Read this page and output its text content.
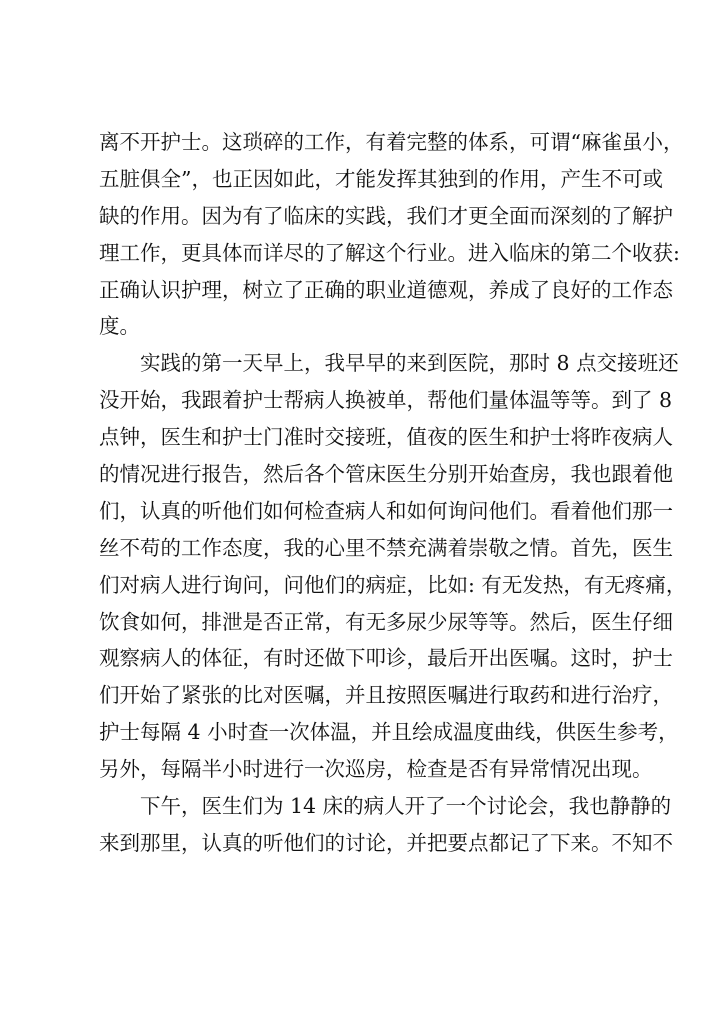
离不开护士。这琐碎的工作，有着完整的体系，可谓“麻雀虽小，
五脏俱全”，也正因如此，才能发挥其独到的作用，产生不可或
缺的作用。因为有了临床的实践，我们才更全面而深刻的了解护
理工作，更具体而详尽的了解这个行业。进入临床的第二个收获:
正确认识护理，树立了正确的职业道德观，养成了良好的工作态
度。
　　实践的第一天早上，我早早的来到医院，那时 8 点交接班还
没开始，我跟着护士帮病人换被单，帮他们量体温等等。到了 8
点钟，医生和护士门准时交接班，值夜的医生和护士将昨夜病人
的情况进行报告，然后各个管床医生分别开始查房，我也跟着他
们，认真的听他们如何检查病人和如何询问他们。看着他们那一
丝不苟的工作态度，我的心里不禁充满着崇敬之情。首先，医生
们对病人进行询问，问他们的病症，比如: 有无发热，有无疼痛，
饮食如何，排泄是否正常，有无多尿少尿等等。然后，医生仔细
观察病人的体征，有时还做下叩诊，最后开出医嘱。这时，护士
们开始了紧张的比对医嘱，并且按照医嘱进行取药和进行治疗，
护士每隔 4 小时查一次体温，并且绘成温度曲线，供医生参考，
另外，每隔半小时进行一次巡房，检查是否有异常情况出现。
　　下午，医生们为 14 床的病人开了一个讨论会，我也静静的
来到那里，认真的听他们的讨论，并把要点都记了下来。不知不
